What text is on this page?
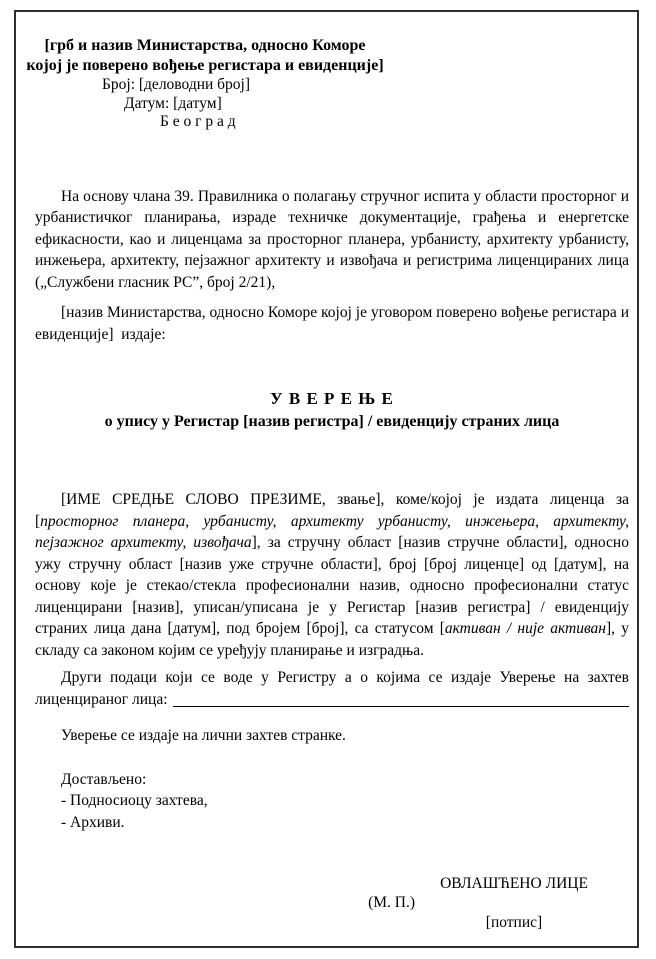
[грб и назив Министарства, односно Коморе
којој је поверено вођење регистара и евиденције]
Број: [деловодни број]
Датум: [датум]
Б е о г р а д

На основу члана 39. Правилника о полагању стручног испита у области просторног и урбанистичког планирања, израде техничке документације, грађења и енергетске ефикасности, као и лиценцама за просторног планера, урбанисту, архитекту урбанисту, инжењера, архитекту, пејзажног архитекту и извођача и регистрима лиценцираних лица („Службени гласник РС”, број 2/21),

[назив Министарства, односно Коморе којој је уговором поверено вођење регистара и евиденције]  издаје:

У В Е Р Е Њ Е
о упису у Регистар [назив регистра] / евиденцију страних лица

[ИМЕ СРЕДЊЕ СЛОВО ПРЕЗИМЕ, звање], коме/којој је издата лиценца за [просторног планера, урбанисту, архитекту урбанисту, инжењера, архитекту, пејзажног архитекту, извођача], за стручну област [назив стручне области], односно ужу стручну област [назив уже стручне области], број [број лиценце] од [датум], на основу које је стекао/стекла професионални назив, односно професионални статус лиценцирани [назив], уписан/уписана је у Регистар [назив регистра] / евиденцију страних лица дана [датум], под бројем [број], са статусом [активан / није активан], у складу са законом којим се уређују планирање и изградња.

Други подаци који се воде у Регистру а о којима се издаје Уверење на захтев

лиценцираног лица:

Уверење се издаје на лични захтев странке.

Достављено:
- Подносиоцу захтева,
- Архиви.
(М. П.)
ОВЛАШЋЕНО ЛИЦЕ
[потпис]
